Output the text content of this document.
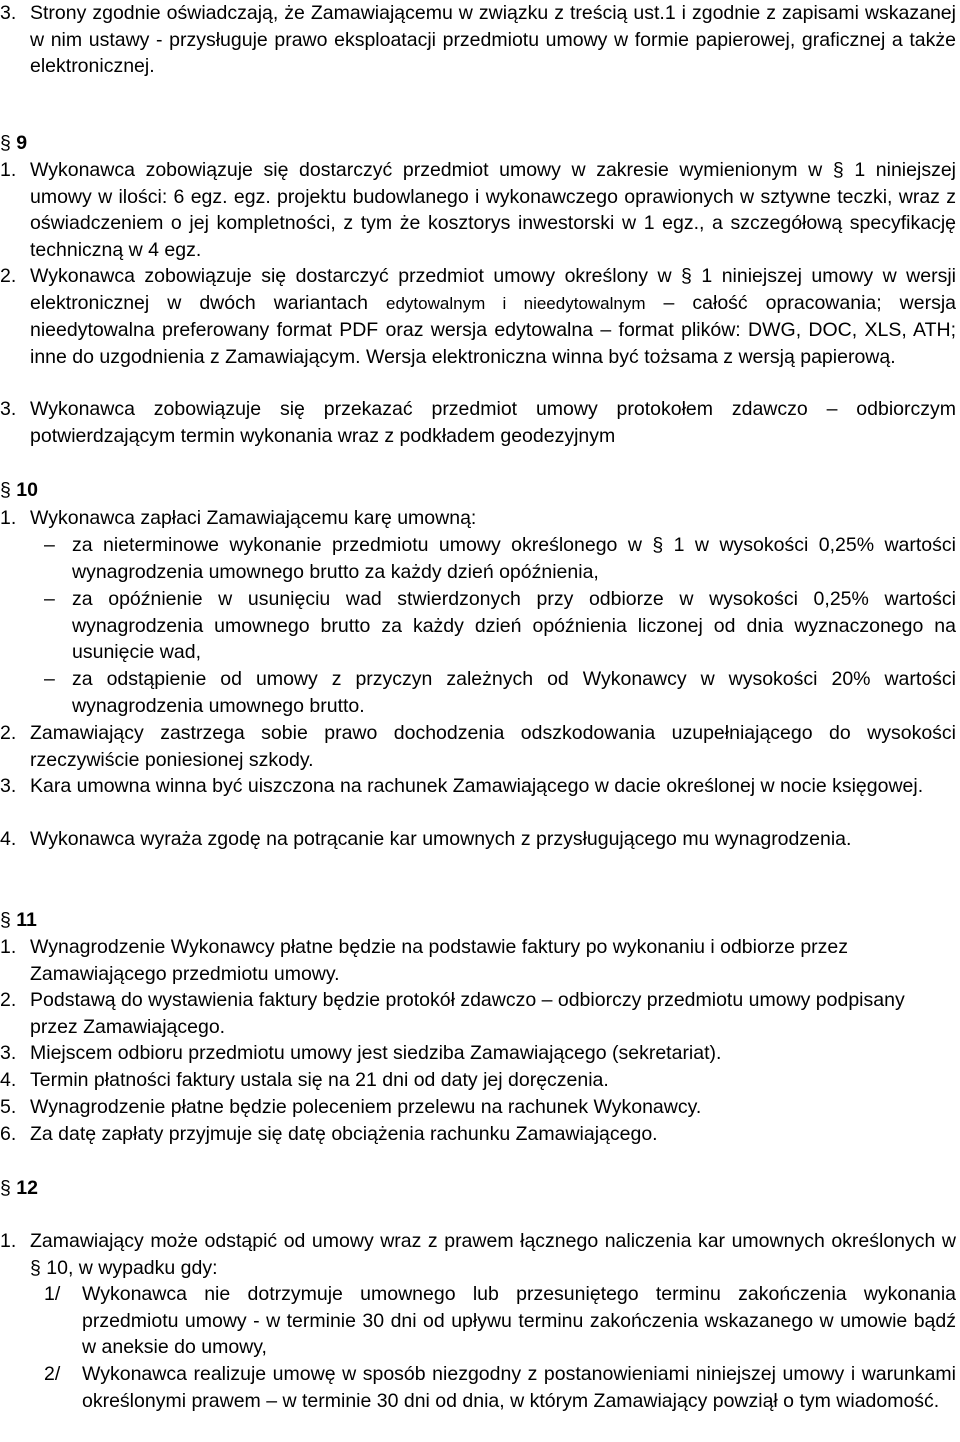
3. Strony zgodnie oświadczają, że Zamawiającemu w związku z treścią ust.1 i zgodnie z zapisami wskazanej w nim ustawy - przysługuje prawo eksploatacji przedmiotu umowy w formie papierowej, graficznej a także elektronicznej.
§ 9
1. Wykonawca zobowiązuje się dostarczyć przedmiot umowy w zakresie wymienionym w § 1 niniejszej umowy w ilości: 6 egz. egz. projektu budowlanego i wykonawczego oprawionych w sztywne teczki, wraz z oświadczeniem o jej kompletności, z tym że kosztorys inwestorski w 1 egz., a szczegółową specyfikację techniczną w 4 egz.
2. Wykonawca zobowiązuje się dostarczyć przedmiot umowy określony w § 1 niniejszej umowy w wersji elektronicznej w dwóch wariantach edytowalnym i nieedytowalnym – całość opracowania; wersja nieedytowalna preferowany format PDF oraz wersja edytowalna – format plików: DWG, DOC, XLS, ATH; inne do uzgodnienia z Zamawiającym. Wersja elektroniczna winna być tożsama z wersją papierową.
3. Wykonawca zobowiązuje się przekazać przedmiot umowy protokołem zdawczo – odbiorczym potwierdzającym termin wykonania wraz z podkładem geodezyjnym
§ 10
1. Wykonawca zapłaci Zamawiającemu karę umowną:
– za nieterminowe wykonanie przedmiotu umowy określonego w § 1 w wysokości 0,25% wartości wynagrodzenia umownego brutto za każdy dzień opóźnienia,
– za opóźnienie w usunięciu wad stwierdzonych przy odbiorze w wysokości 0,25% wartości wynagrodzenia umownego brutto za każdy dzień opóźnienia liczonej od dnia wyznaczonego na usunięcie wad,
– za odstąpienie od umowy z przyczyn zależnych od Wykonawcy w wysokości 20% wartości wynagrodzenia umownego brutto.
2. Zamawiający zastrzega sobie prawo dochodzenia odszkodowania uzupełniającego do wysokości rzeczywiście poniesionej szkody.
3. Kara umowna winna być uiszczona na rachunek Zamawiającego w dacie określonej w nocie księgowej.
4. Wykonawca wyraża zgodę na potrącanie kar umownych z przysługującego mu wynagrodzenia.
§ 11
1. Wynagrodzenie Wykonawcy płatne będzie na podstawie faktury po wykonaniu i odbiorze przez Zamawiającego przedmiotu umowy.
2. Podstawą do wystawienia faktury będzie protokół zdawczo – odbiorczy przedmiotu umowy podpisany przez Zamawiającego.
3. Miejscem odbioru przedmiotu umowy jest siedziba Zamawiającego (sekretariat).
4. Termin płatności faktury ustala się na 21 dni od daty jej doręczenia.
5. Wynagrodzenie płatne będzie poleceniem przelewu na rachunek Wykonawcy.
6. Za datę zapłaty przyjmuje się datę obciążenia rachunku Zamawiającego.
§ 12
1. Zamawiający może odstąpić od umowy wraz z prawem łącznego naliczenia kar umownych określonych w § 10, w wypadku gdy:
1/ Wykonawca nie dotrzymuje umownego lub przesuniętego terminu zakończenia wykonania przedmiotu umowy - w terminie 30 dni od upływu terminu zakończenia wskazanego w umowie bądź w aneksie do umowy,
2/ Wykonawca realizuje umowę w sposób niezgodny z postanowieniami niniejszej umowy i warunkami określonymi prawem – w terminie 30 dni od dnia, w którym Zamawiający powziął o tym wiadomość.
